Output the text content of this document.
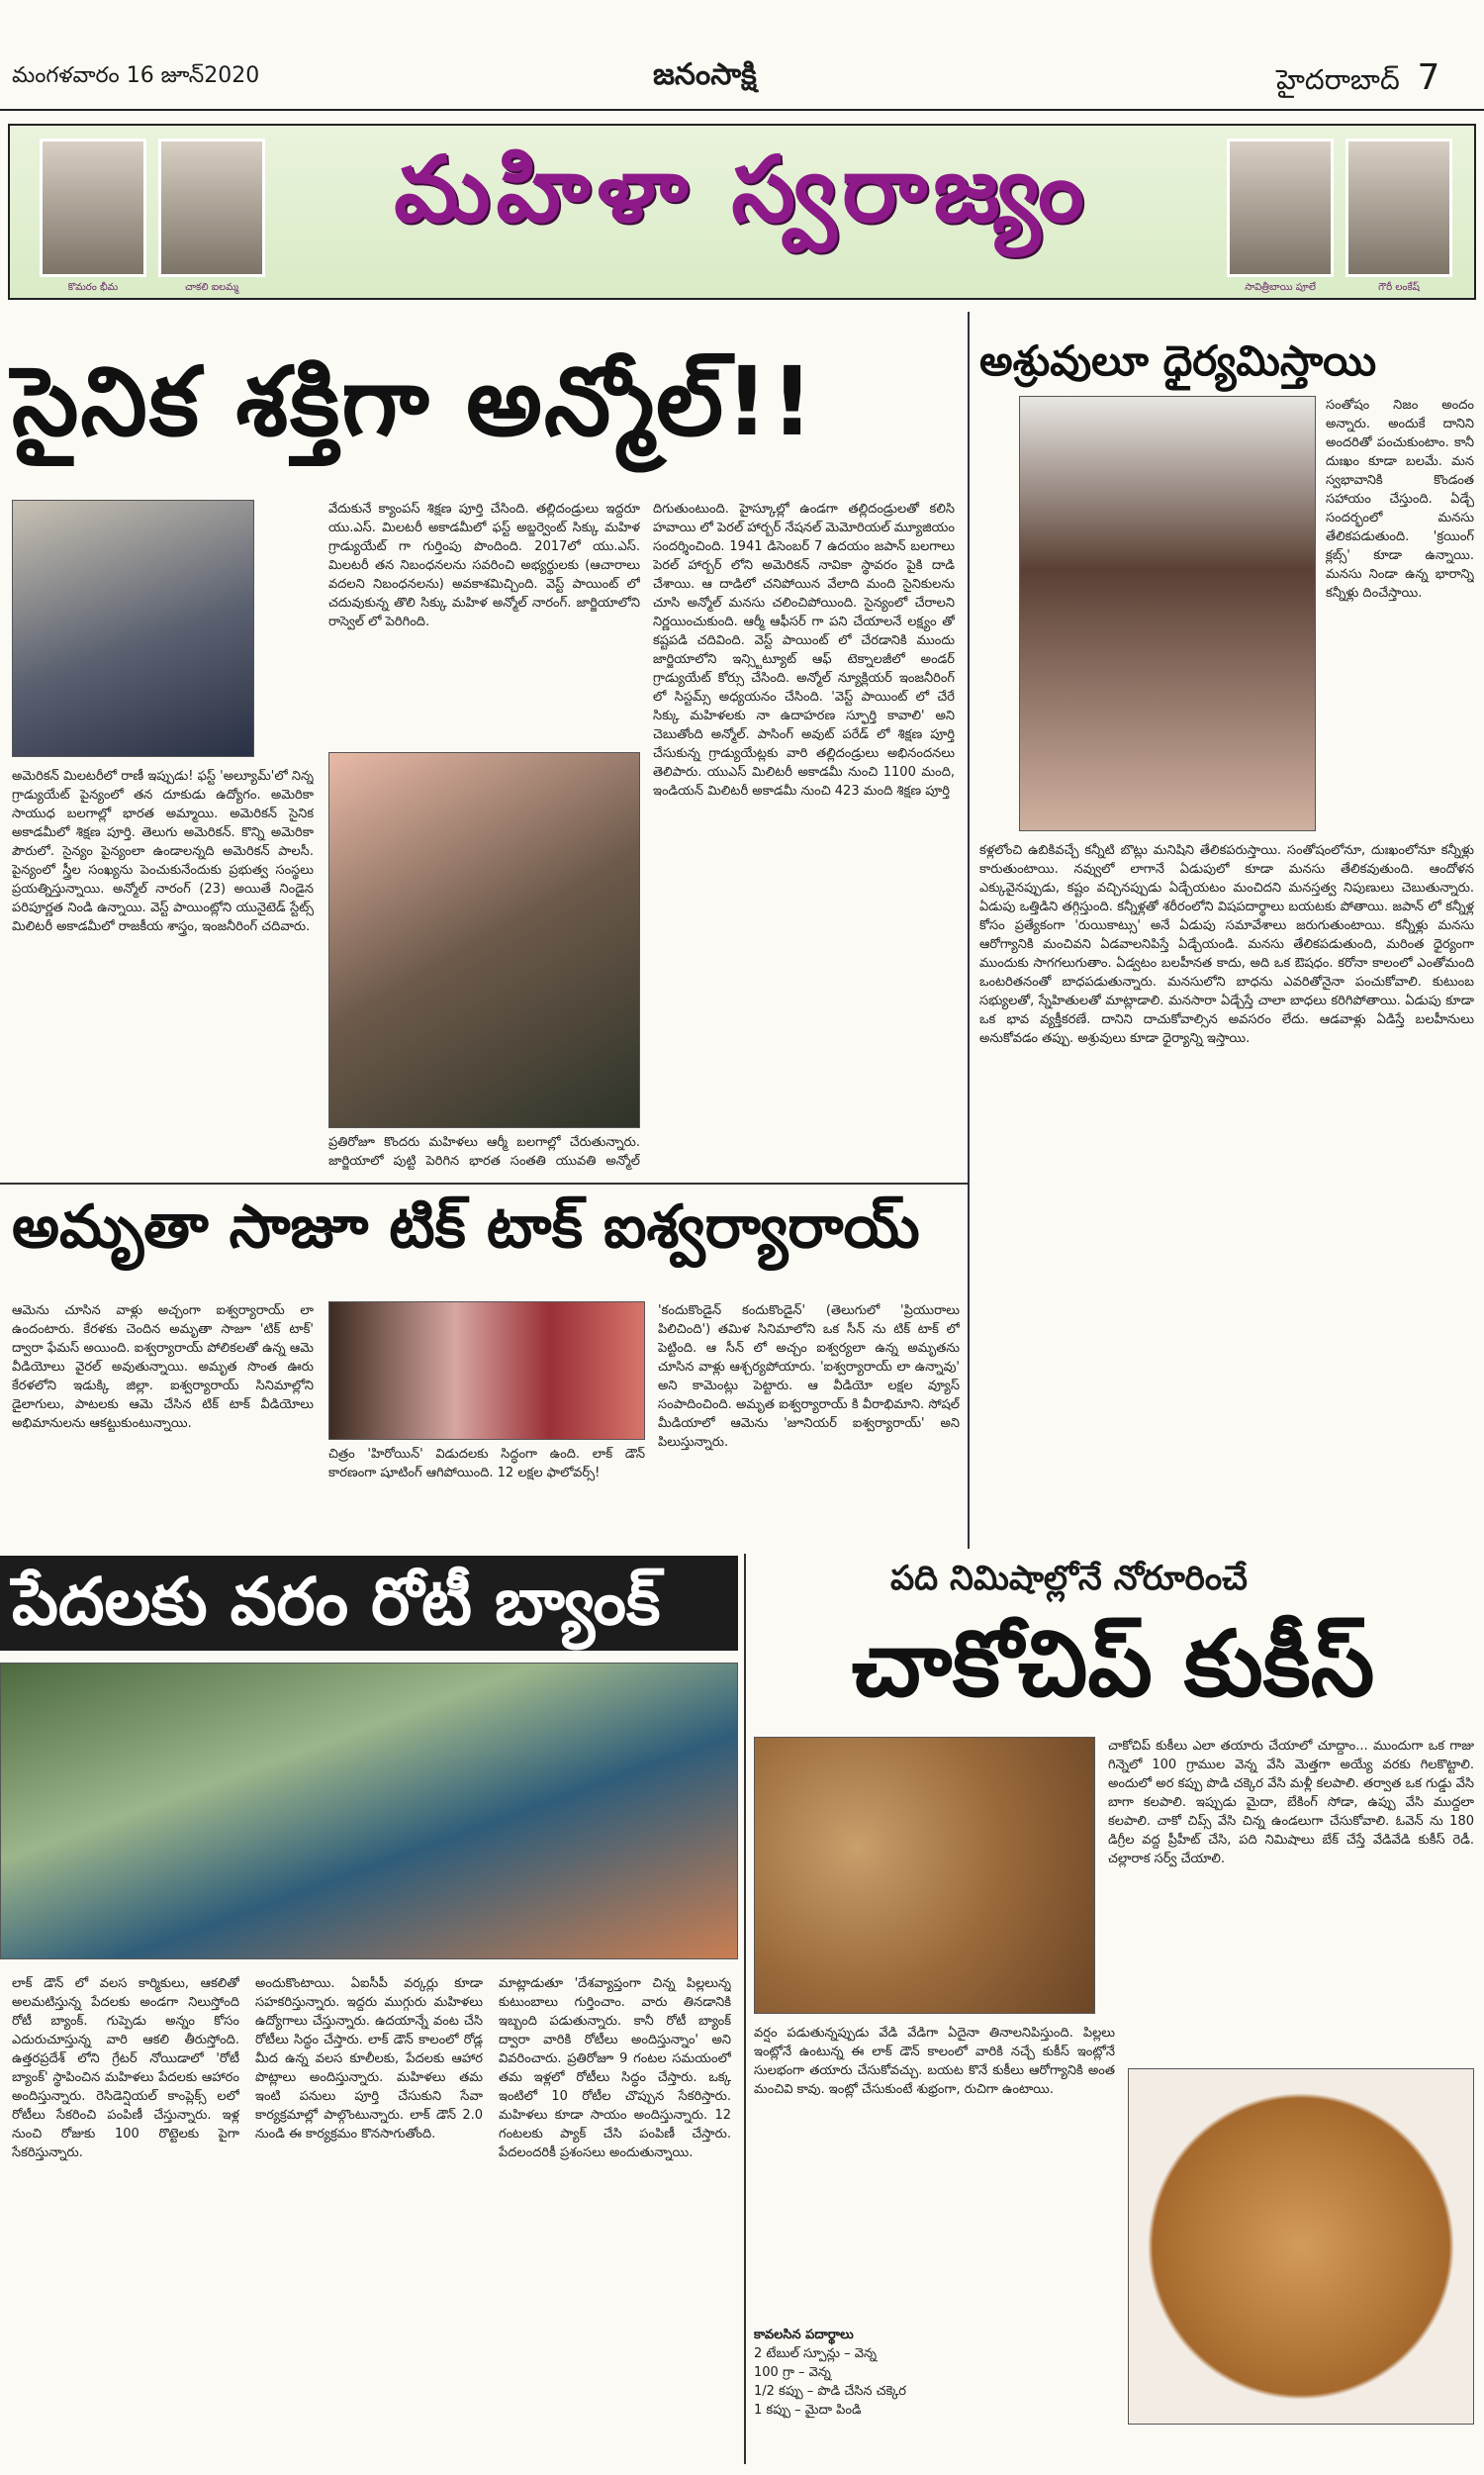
మంగళవారం 16 జూన్2020	జనంసాక్షి	హైదరాబాద్ 7
కొమరం భీమ	చాకలి ఐలమ్మ
మహిళా స్వరాజ్యం
సావిత్రీబాయి పూలే	గౌరీ లంకేష్
సైనిక శక్తిగా అన్మోల్!!
అమెరికన్ మిలటరీలో రాణీ ఇప్పుడు! ఫస్ట్ 'అల్యూమ్'లో నిన్న గ్రాడ్యుయేట్ పైన్యంలో తన దూకుడు ఉద్యోగం. అమెరికా సాయుధ బలగాల్లో భారత అమ్మాయి. అమెరికన్ సైనిక అకాడమీలో శిక్షణ పూర్తి. తెలుగు అమెరికన్. కొన్ని అమెరికా పౌరులో. సైన్యం పైన్యంలా ఉండాలన్నది అమెరికన్ పాలసీ. పైన్యంలో స్త్రీల సంఖ్యను పెంచుకునేందుకు ప్రభుత్వ సంస్థలు ప్రయత్నిస్తున్నాయి. అన్మోల్ నారంగ్ (23) అయితే నిండైన పరిపూర్ణత నిండి ఉన్నాయి. వెస్ట్ పాయింట్లోని యునైటెడ్ స్టేట్స్ మిలిటరీ అకాడమీలో రాజకీయ శాస్త్రం, ఇంజనీరింగ్ చదివారు.
వేదుకునే క్యాంపస్ శిక్షణ పూర్తి చేసింది. తల్లిదండ్రులు ఇద్దరూ యు.ఎస్. మిలటరీ అకాడమీలో ఫస్ట్ అబ్జర్వెంట్ సిక్కు మహిళ గ్రాడ్యుయేట్ గా గుర్తింపు పొందింది. 2017లో యు.ఎస్. మిలటరీ తన నిబంధనలను సవరించి అభ్యర్థులకు (ఆచారాలు వదలని నిబంధనలను) అవకాశమిచ్చింది. వెస్ట్ పాయింట్ లో చదువుకున్న తొలి సిక్కు మహిళ అన్మోల్ నారంగ్. జార్జియాలోని రాస్వెల్ లో పెరిగింది.
ప్రతిరోజూ కొందరు మహిళలు ఆర్మీ బలగాల్లో చేరుతున్నారు. జార్జియాలో పుట్టి పెరిగిన భారత సంతతి యువతి అన్మోల్
దిగుతుంటుంది. హైస్కూల్లో ఉండగా తల్లిదండ్రులతో కలిసి హవాయి లో పెరల్ హార్బర్ నేషనల్ మెమోరియల్ మ్యూజియం సందర్శించింది. 1941 డిసెంబర్ 7 ఉదయం జపాన్ బలగాలు పెరల్ హార్బర్ లోని అమెరికన్ నావికా స్థావరం పైకి దాడి చేశాయి. ఆ దాడిలో చనిపోయిన వేలాది మంది సైనికులను చూసి అన్మోల్ మనసు చలించిపోయింది. సైన్యంలో చేరాలని నిర్ణయించుకుంది. ఆర్మీ ఆఫీసర్ గా పని చేయాలనే లక్ష్యం తో కష్టపడి చదివింది. వెస్ట్ పాయింట్ లో చేరడానికి ముందు జార్జియాలోని ఇన్స్టిట్యూట్ ఆఫ్ టెక్నాలజీలో అండర్ గ్రాడ్యుయేట్ కోర్సు చేసింది. అన్మోల్ న్యూక్లియర్ ఇంజనీరింగ్ లో సిస్టమ్స్ అధ్యయనం చేసింది. 'వెస్ట్ పాయింట్ లో చేరే సిక్కు మహిళలకు నా ఉదాహరణ స్ఫూర్తి కావాలి' అని చెబుతోంది అన్మోల్. పాసింగ్ అవుట్ పరేడ్ లో శిక్షణ పూర్తి చేసుకున్న గ్రాడ్యుయేట్లకు వారి తల్లిదండ్రులు అభినందనలు తెలిపారు. యుఎస్ మిలిటరీ అకాడమీ నుంచి 1100 మంది, ఇండియన్ మిలిటరీ అకాడమీ నుంచి 423 మంది శిక్షణ పూర్తి
అశ్రువులూ ధైర్యమిస్తాయి
సంతోషం నిజం అందం అన్నారు. అందుకే దానిని అందరితో పంచుకుంటాం. కానీ దుఃఖం కూడా బలమే. మన స్వభావానికి కొండంత సహాయం చేస్తుంది. ఏడ్చే సందర్భంలో మనసు తేలికపడుతుంది. 'క్రయింగ్ క్లబ్స్' కూడా ఉన్నాయి. మనసు నిండా ఉన్న భారాన్ని కన్నీళ్లు దించేస్తాయి.
కళ్లలోంచి ఉబికివచ్చే కన్నీటి బొట్లు మనిషిని తేలికపరుస్తాయి. సంతోషంలోనూ, దుఃఖంలోనూ కన్నీళ్లు కారుతుంటాయి. నవ్వులో లాగానే ఏడుపులో కూడా మనసు తేలికవుతుంది. ఆందోళన ఎక్కువైనప్పుడు, కష్టం వచ్చినప్పుడు ఏడ్చేయటం మంచిదని మనస్తత్వ నిపుణులు చెబుతున్నారు. ఏడుపు ఒత్తిడిని తగ్గిస్తుంది. కన్నీళ్లతో శరీరంలోని విషపదార్థాలు బయటకు పోతాయి. జపాన్ లో కన్నీళ్ల కోసం ప్రత్యేకంగా 'రుయికాట్సు' అనే ఏడుపు సమావేశాలు జరుగుతుంటాయి. కన్నీళ్లు మనసు ఆరోగ్యానికి మంచివని ఏడవాలనిపిస్తే ఏడ్చేయండి. మనసు తేలికపడుతుంది, మరింత ధైర్యంగా ముందుకు సాగగలుగుతాం. ఏడ్వటం బలహీనత కాదు, అది ఒక ఔషధం. కరోనా కాలంలో ఎంతోమంది ఒంటరితనంతో బాధపడుతున్నారు. మనసులోని బాధను ఎవరితోనైనా పంచుకోవాలి. కుటుంబ సభ్యులతో, స్నేహితులతో మాట్లాడాలి. మనసారా ఏడ్చేస్తే చాలా బాధలు కరిగిపోతాయి. ఏడుపు కూడా ఒక భావ వ్యక్తీకరణే. దానిని దాచుకోవాల్సిన అవసరం లేదు. ఆడవాళ్లు ఏడిస్తే బలహీనులు అనుకోవడం తప్పు. అశ్రువులు కూడా ధైర్యాన్ని ఇస్తాయి.
అమృతా సాజూ టిక్ టాక్ ఐశ్వర్యారాయ్
ఆమెను చూసిన వాళ్లు అచ్చంగా ఐశ్వర్యారాయ్ లా ఉందంటారు. కేరళకు చెందిన అమృతా సాజూ 'టిక్ టాక్' ద్వారా ఫేమస్ అయింది. ఐశ్వర్యారాయ్ పోలికలతో ఉన్న ఆమె వీడియోలు వైరల్ అవుతున్నాయి. అమృత సొంత ఊరు కేరళలోని ఇడుక్కి జిల్లా. ఐశ్వర్యారాయ్ సినిమాల్లోని డైలాగులు, పాటలకు ఆమె చేసిన టిక్ టాక్ వీడియోలు అభిమానులను ఆకట్టుకుంటున్నాయి.
చిత్రం 'హిరోయిన్' విడుదలకు సిద్ధంగా ఉంది. లాక్ డౌన్ కారణంగా షూటింగ్ ఆగిపోయింది. 12 లక్షల ఫాలోవర్స్!
'కందుకొండైన్ కందుకొండైన్' (తెలుగులో 'ప్రియురాలు పిలిచింది') తమిళ సినిమాలోని ఒక సీన్ ను టిక్ టాక్ లో పెట్టింది. ఆ సీన్ లో అచ్చం ఐశ్వర్యలా ఉన్న అమృతను చూసిన వాళ్లు ఆశ్చర్యపోయారు. 'ఐశ్వర్యారాయ్ లా ఉన్నావు' అని కామెంట్లు పెట్టారు. ఆ వీడియో లక్షల వ్యూస్ సంపాదించింది. అమృత ఐశ్వర్యారాయ్ కి వీరాభిమాని. సోషల్ మీడియాలో ఆమెను 'జూనియర్ ఐశ్వర్యారాయ్' అని పిలుస్తున్నారు.
పేదలకు వరం రోటీ బ్యాంక్
లాక్ డౌన్ లో వలస కార్మికులు, ఆకలితో అలమటిస్తున్న పేదలకు అండగా నిలుస్తోంది రోటీ బ్యాంక్. గుప్పెడు అన్నం కోసం ఎదురుచూస్తున్న వారి ఆకలి తీరుస్తోంది. ఉత్తరప్రదేశ్ లోని గ్రేటర్ నోయిడాలో 'రోటీ బ్యాంక్' స్థాపించిన మహిళలు పేదలకు ఆహారం అందిస్తున్నారు. రెసిడెన్షియల్ కాంప్లెక్స్ లలో రోటీలు సేకరించి పంపిణీ చేస్తున్నారు. ఇళ్ల నుంచి రోజుకు 100 రొట్టెలకు పైగా సేకరిస్తున్నారు.
అందుకొంటాయి. ఏఐసీపీ వర్కర్లు కూడా సహకరిస్తున్నారు. ఇద్దరు ముగ్గురు మహిళలు ఉద్యోగాలు చేస్తున్నారు. ఉదయాన్నే వంట చేసి రోటీలు సిద్ధం చేస్తారు. లాక్ డౌన్ కాలంలో రోడ్ల మీద ఉన్న వలస కూలీలకు, పేదలకు ఆహార పొట్లాలు అందిస్తున్నారు. మహిళలు తమ ఇంటి పనులు పూర్తి చేసుకుని సేవా కార్యక్రమాల్లో పాల్గొంటున్నారు. లాక్ డౌన్ 2.0 నుండి ఈ కార్యక్రమం కొనసాగుతోంది.
మాట్లాడుతూ 'దేశవ్యాప్తంగా చిన్న పిల్లలున్న కుటుంబాలు గుర్తించాం. వారు తినడానికి ఇబ్బంది పడుతున్నారు. కానీ రోటీ బ్యాంక్ ద్వారా వారికి రోటీలు అందిస్తున్నాం' అని వివరించారు. ప్రతిరోజూ 9 గంటల సమయంలో తమ ఇళ్లలో రోటీలు సిద్ధం చేస్తారు. ఒక్క ఇంటిలో 10 రోటీల చొప్పున సేకరిస్తారు. మహిళలు కూడా సాయం అందిస్తున్నారు. 12 గంటలకు ప్యాక్ చేసి పంపిణీ చేస్తారు. పేదలందరికీ ప్రశంసలు అందుతున్నాయి.
పది నిమిషాల్లోనే నోరూరించే
చాకోచిప్ కుకీస్
చాకోచిప్ కుకీలు ఎలా తయారు చేయాలో చూద్దాం... ముందుగా ఒక గాజు గిన్నెలో 100 గ్రాముల వెన్న వేసి మెత్తగా అయ్యే వరకు గిలకొట్టాలి. అందులో అర కప్పు పొడి చక్కెర వేసి మళ్లీ కలపాలి. తర్వాత ఒక గుడ్డు వేసి బాగా కలపాలి. ఇప్పుడు మైదా, బేకింగ్ సోడా, ఉప్పు వేసి ముద్దలా కలపాలి. చాకో చిప్స్ వేసి చిన్న ఉండలుగా చేసుకోవాలి. ఓవెన్ ను 180 డిగ్రీల వద్ద ప్రీహీట్ చేసి, పది నిమిషాలు బేక్ చేస్తే వేడివేడి కుకీస్ రెడీ. చల్లారాక సర్వ్ చేయాలి.
వర్షం పడుతున్నప్పుడు వేడి వేడిగా ఏదైనా తినాలనిపిస్తుంది. పిల్లలు ఇంట్లోనే ఉంటున్న ఈ లాక్ డౌన్ కాలంలో వారికి నచ్చే కుకీస్ ఇంట్లోనే సులభంగా తయారు చేసుకోవచ్చు. బయట కొనే కుకీలు ఆరోగ్యానికి అంత మంచివి కావు. ఇంట్లో చేసుకుంటే శుభ్రంగా, రుచిగా ఉంటాయి.
కావలసిన పదార్థాలు
2 టేబుల్ స్పూన్లు – వెన్న
100 గ్రా – వెన్న
1/2 కప్పు – పొడి చేసిన చక్కెర
1 కప్పు – మైదా పిండి
